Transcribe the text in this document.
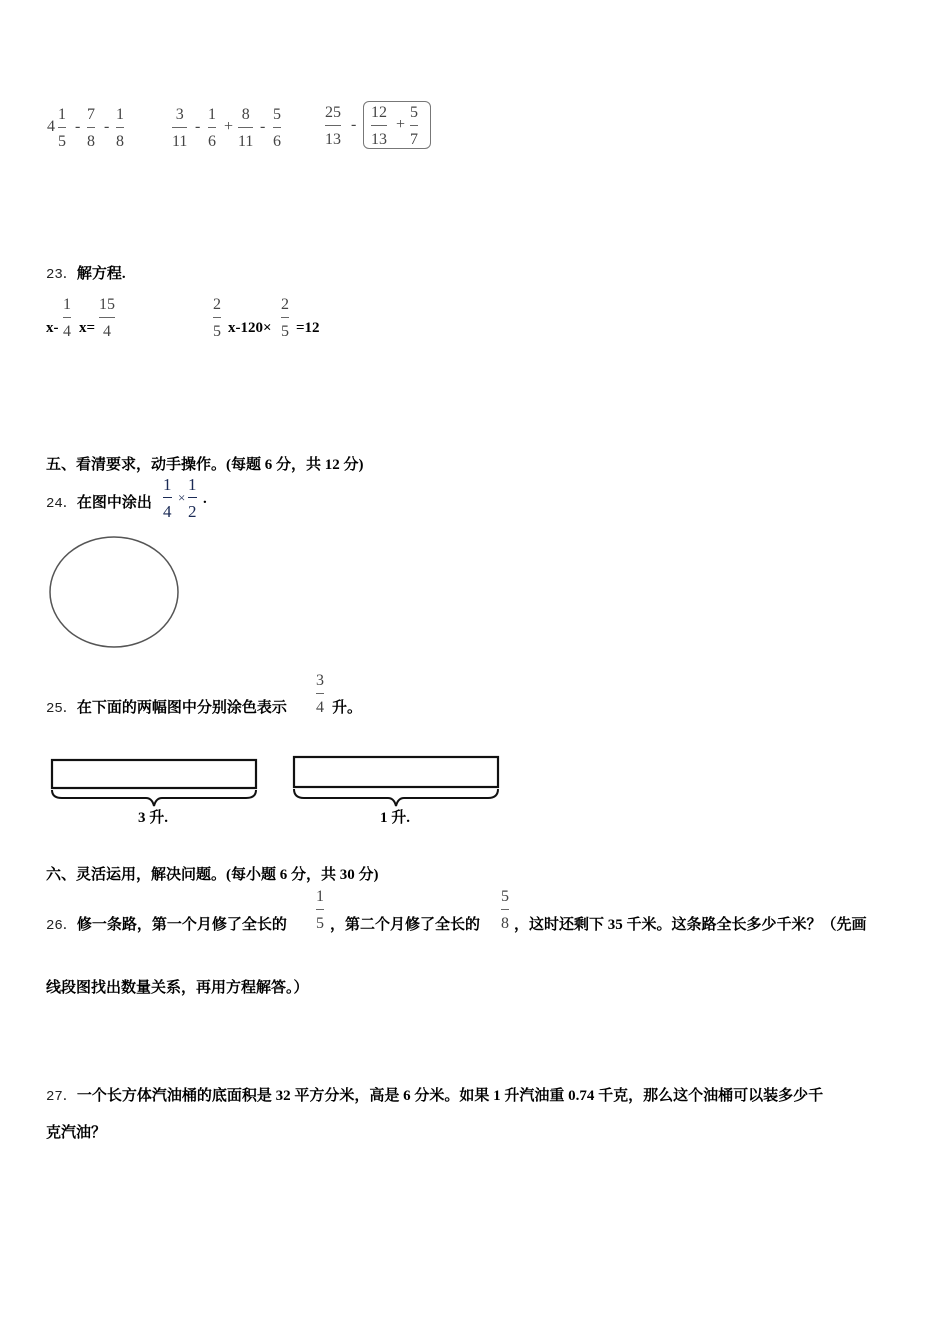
4
1
5
-
7
8
-
1
8
3
11
-
1
6
+
8
11
-
5
6
25
13
-
12
13
+
5
7
23．解方程.
x-
1
4 x=
15
4
2
5 x-120×
2
5 =12
五、看清要求，动手操作。(每题 6 分，共 12 分)
24．在图中涂出
1
4
×
1
2
.
25．在下面的两幅图中分别涂色表示
3
4 升。
3 升.	1 升.
六、灵活运用，解决问题。(每小题 6 分，共 30 分)
26．修一条路，第一个月修了全长的
1
5 ，第二个月修了全长的
5
8 ，这时还剩下 35 千米。这条路全长多少千米？（先画
线段图找出数量关系，再用方程解答。）
27．一个长方体汽油桶的底面积是 32 平方分米，高是 6 分米。如果 1 升汽油重 0.74 千克，那么这个油桶可以装多少千
克汽油？
